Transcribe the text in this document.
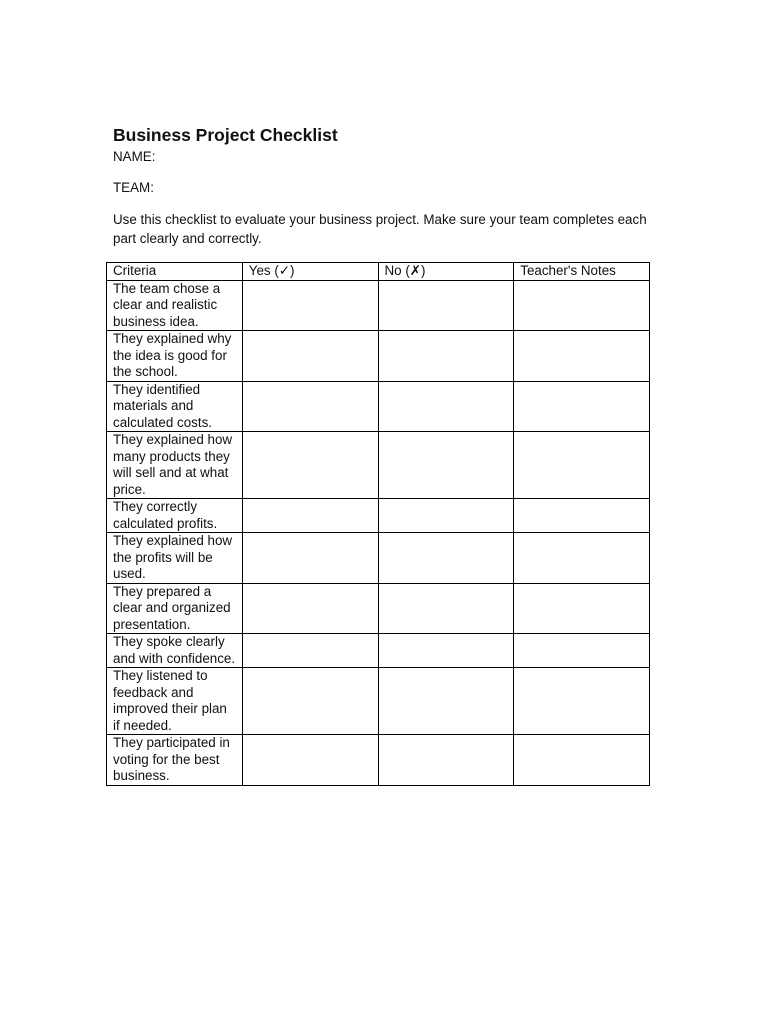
Business Project Checklist

NAME:

TEAM:

Use this checklist to evaluate your business project. Make sure your team completes each part clearly and correctly.

Criteria	Yes (✓)	No (✗)	Teacher's Notes
The team chose a clear and realistic business idea.			
They explained why the idea is good for the school.			
They identified materials and calculated costs.			
They explained how many products they will sell and at what price.			
They correctly calculated profits.			
They explained how the profits will be used.			
They prepared a clear and organized presentation.			
They spoke clearly and with confidence.			
They listened to feedback and improved their plan if needed.			
They participated in voting for the best business.			
